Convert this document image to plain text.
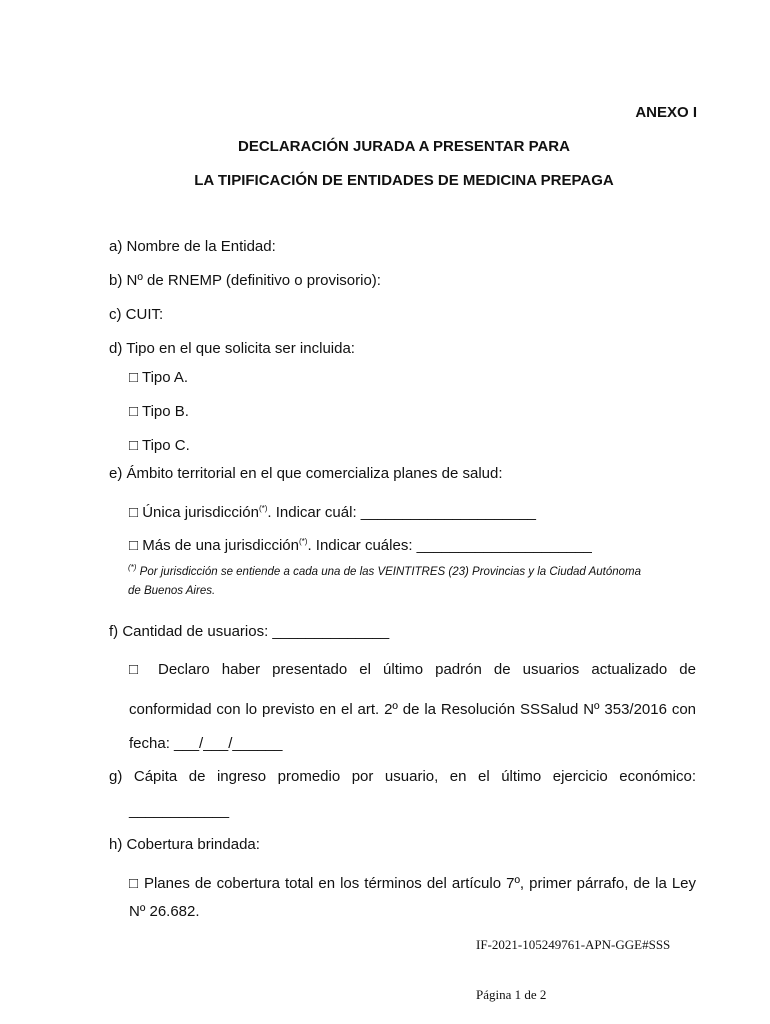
ANEXO I
DECLARACIÓN JURADA A PRESENTAR PARA
LA TIPIFICACIÓN DE ENTIDADES DE MEDICINA PREPAGA
a) Nombre de la Entidad:
b) Nº de RNEMP (definitivo o provisorio):
c) CUIT:
d) Tipo en el que solicita ser incluida:
□ Tipo A.
□ Tipo B.
□ Tipo C.
e) Ámbito territorial en el que comercializa planes de salud:
□ Única jurisdicción(*). Indicar cuál: _____________________
□ Más de una jurisdicción(*). Indicar cuáles: _____________________
(*) Por jurisdicción se entiende a cada una de las VEINTITRES (23) Provincias y la Ciudad Autónoma
de Buenos Aires.
f) Cantidad de usuarios: ______________
□ Declaro haber presentado el último padrón de usuarios actualizado de
conformidad con lo previsto en el art. 2º de la Resolución SSSalud Nº 353/2016 con
fecha: ___/___/______
g) Cápita de ingreso promedio por usuario, en el último ejercicio económico:
____________
h) Cobertura brindada:
□ Planes de cobertura total en los términos del artículo 7º, primer párrafo, de la Ley
Nº 26.682.
IF-2021-105249761-APN-GGE#SSS
Página 1 de 2
